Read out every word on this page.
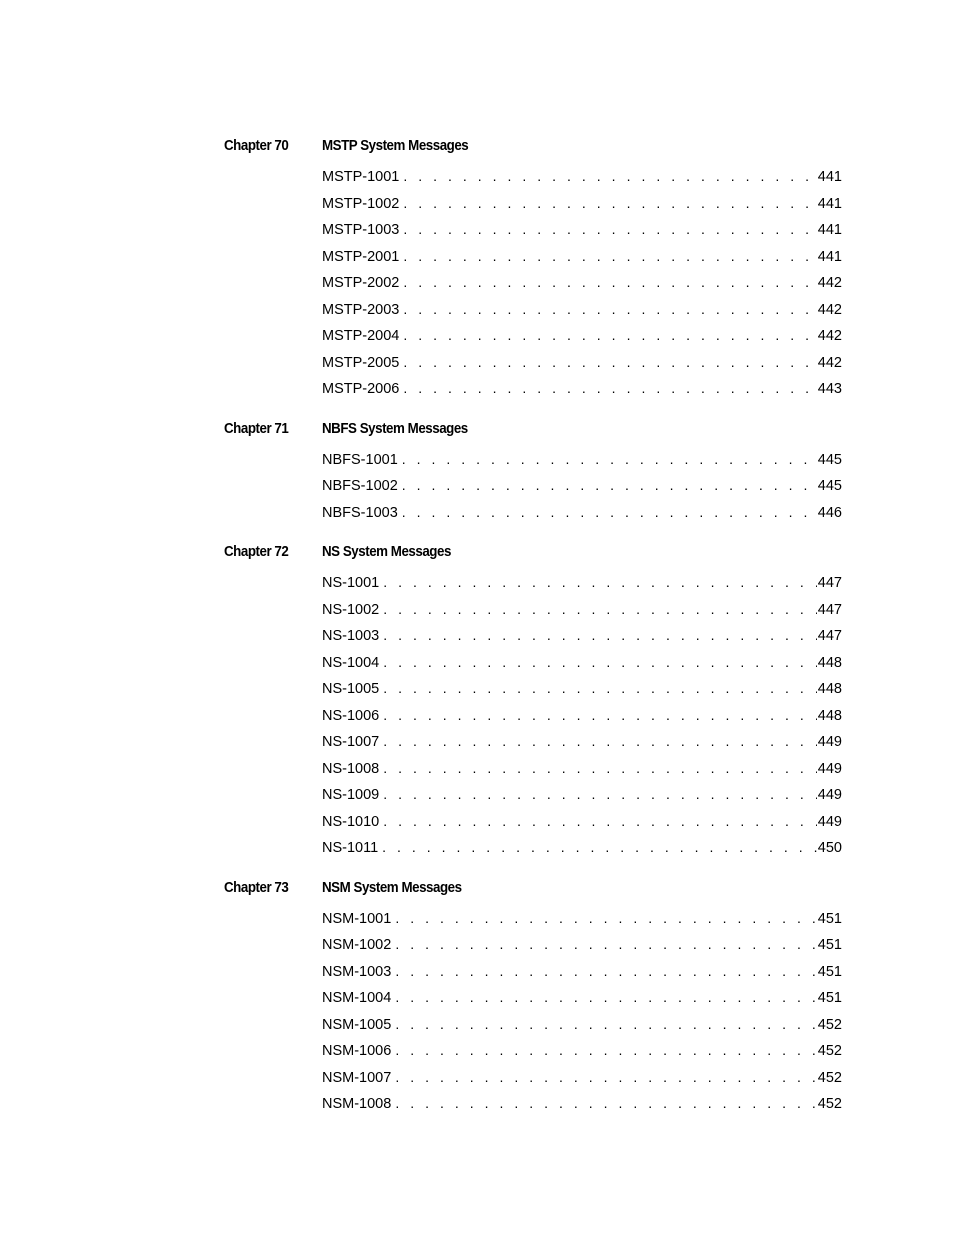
Chapter 70	MSTP System Messages
MSTP-1001 . . .	441
MSTP-1002 . . .	441
MSTP-1003 . . .	441
MSTP-2001 . . .	441
MSTP-2002 . . .	442
MSTP-2003 . . .	442
MSTP-2004 . . .	442
MSTP-2005 . . .	442
MSTP-2006 . . .	443
Chapter 71	NBFS System Messages
NBFS-1001 . . .	445
NBFS-1002 . . .	445
NBFS-1003 . . .	446
Chapter 72	NS System Messages
NS-1001 . . .	447
NS-1002 . . .	447
NS-1003 . . .	447
NS-1004 . . .	448
NS-1005 . . .	448
NS-1006 . . .	448
NS-1007 . . .	449
NS-1008 . . .	449
NS-1009 . . .	449
NS-1010 . . .	449
NS-1011 . . .	450
Chapter 73	NSM System Messages
NSM-1001 . . .	451
NSM-1002 . . .	451
NSM-1003 . . .	451
NSM-1004 . . .	451
NSM-1005 . . .	452
NSM-1006 . . .	452
NSM-1007 . . .	452
NSM-1008 . . .	452
